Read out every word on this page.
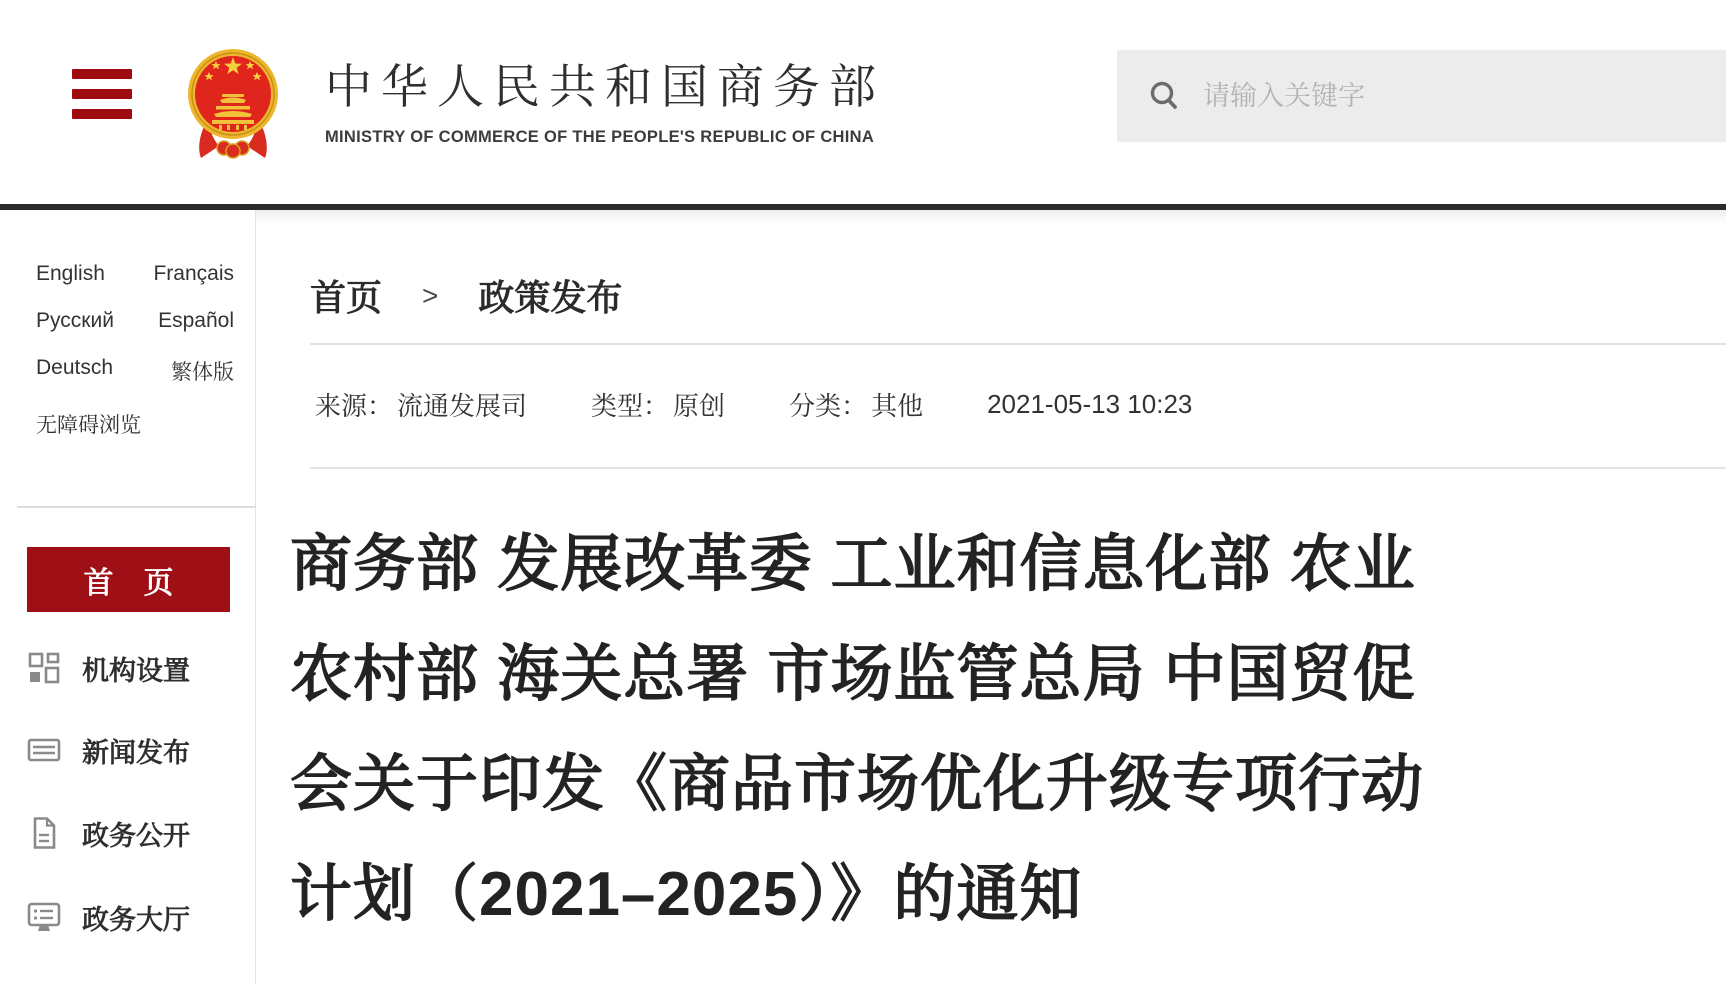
中华人民共和国商务部
MINISTRY OF COMMERCE OF THE PEOPLE'S REPUBLIC OF CHINA
请输入关键字
English Français
Русский Español
Deutsch	繁体版
无障碍浏览
首　页
机构设置
新闻发布
政务公开
政务大厅
首页 > 政策发布
来源： 流通发展司 类型： 原创 分类： 其他 2021-05-13 10:23
商务部 发展改革委 工业和信息化部 农业
农村部 海关总署 市场监管总局 中国贸促
会关于印发《商品市场优化升级专项行动
计划（2021–2025）》的通知
